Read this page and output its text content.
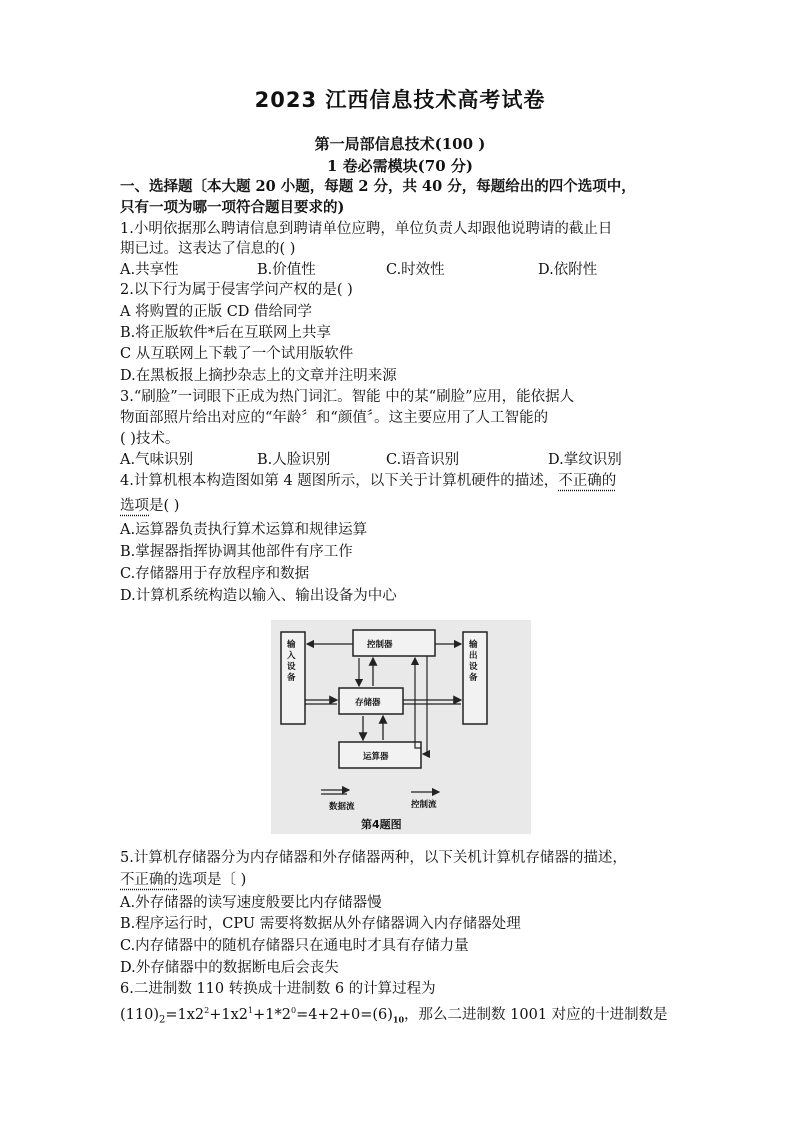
2023 江西信息技术高考试卷
第一局部信息技术(100 )
1 卷必需模块(70 分)
一、选择题〔本大题 20 小题，每题 2 分，共 40 分，每题给出的四个选项中，
只有一项为哪一项符合题目要求的)
1.小明依据那么聘请信息到聘请单位应聘，单位负责人却跟他说聘请的截止日
期已过。这表达了信息的( )
A.共享性	B.价值性	C.时效性	D.依附性
2.以下行为属于侵害学问产权的是( )
A 将购置的正版 CD 借给同学
B.将正版软件*后在互联网上共享
C 从互联网上下载了一个试用版软件
D.在黑板报上摘抄杂志上的文章并注明来源
3.“刷脸”一词眼下正成为热门词汇。智能 中的某“刷脸”应用，能依据人
物面部照片给出对应的“年龄〞和“颜值〞。这主要应用了人工智能的
( )技术。
A.气味识别	B.人脸识别	C.语音识别	D.掌纹识别
4.计算机根本构造图如第 4 题图所示，以下关于计算机硬件的描述，不正确的
选项是( )
A.运算器负责执行算术运算和规律运算
B.掌握器指挥协调其他部件有序工作
C.存储器用于存放程序和数据
D.计算机系统构造以输入、输出设备为中心
控制器
输入设备
输出设备
存储器
运算器
数据流	控制流
第4题图
5.计算机存储器分为内存储器和外存储器两种，以下关机计算机存储器的描述，
不正确的选项是〔 )
A.外存储器的读写速度般要比内存储器慢
B.程序运行时，CPU 需要将数据从外存储器调入内存储器处理
C.内存储器中的随机存储器只在通电时才具有存储力量
D.外存储器中的数据断电后会丧失
6.二进制数 110 转换成十进制数 6 的计算过程为
$(110)_2=1x2^2+1x2^1+1*2^0=4+2+0=(6)_{10}$，那么二进制数 1001 对应的十进制数是
